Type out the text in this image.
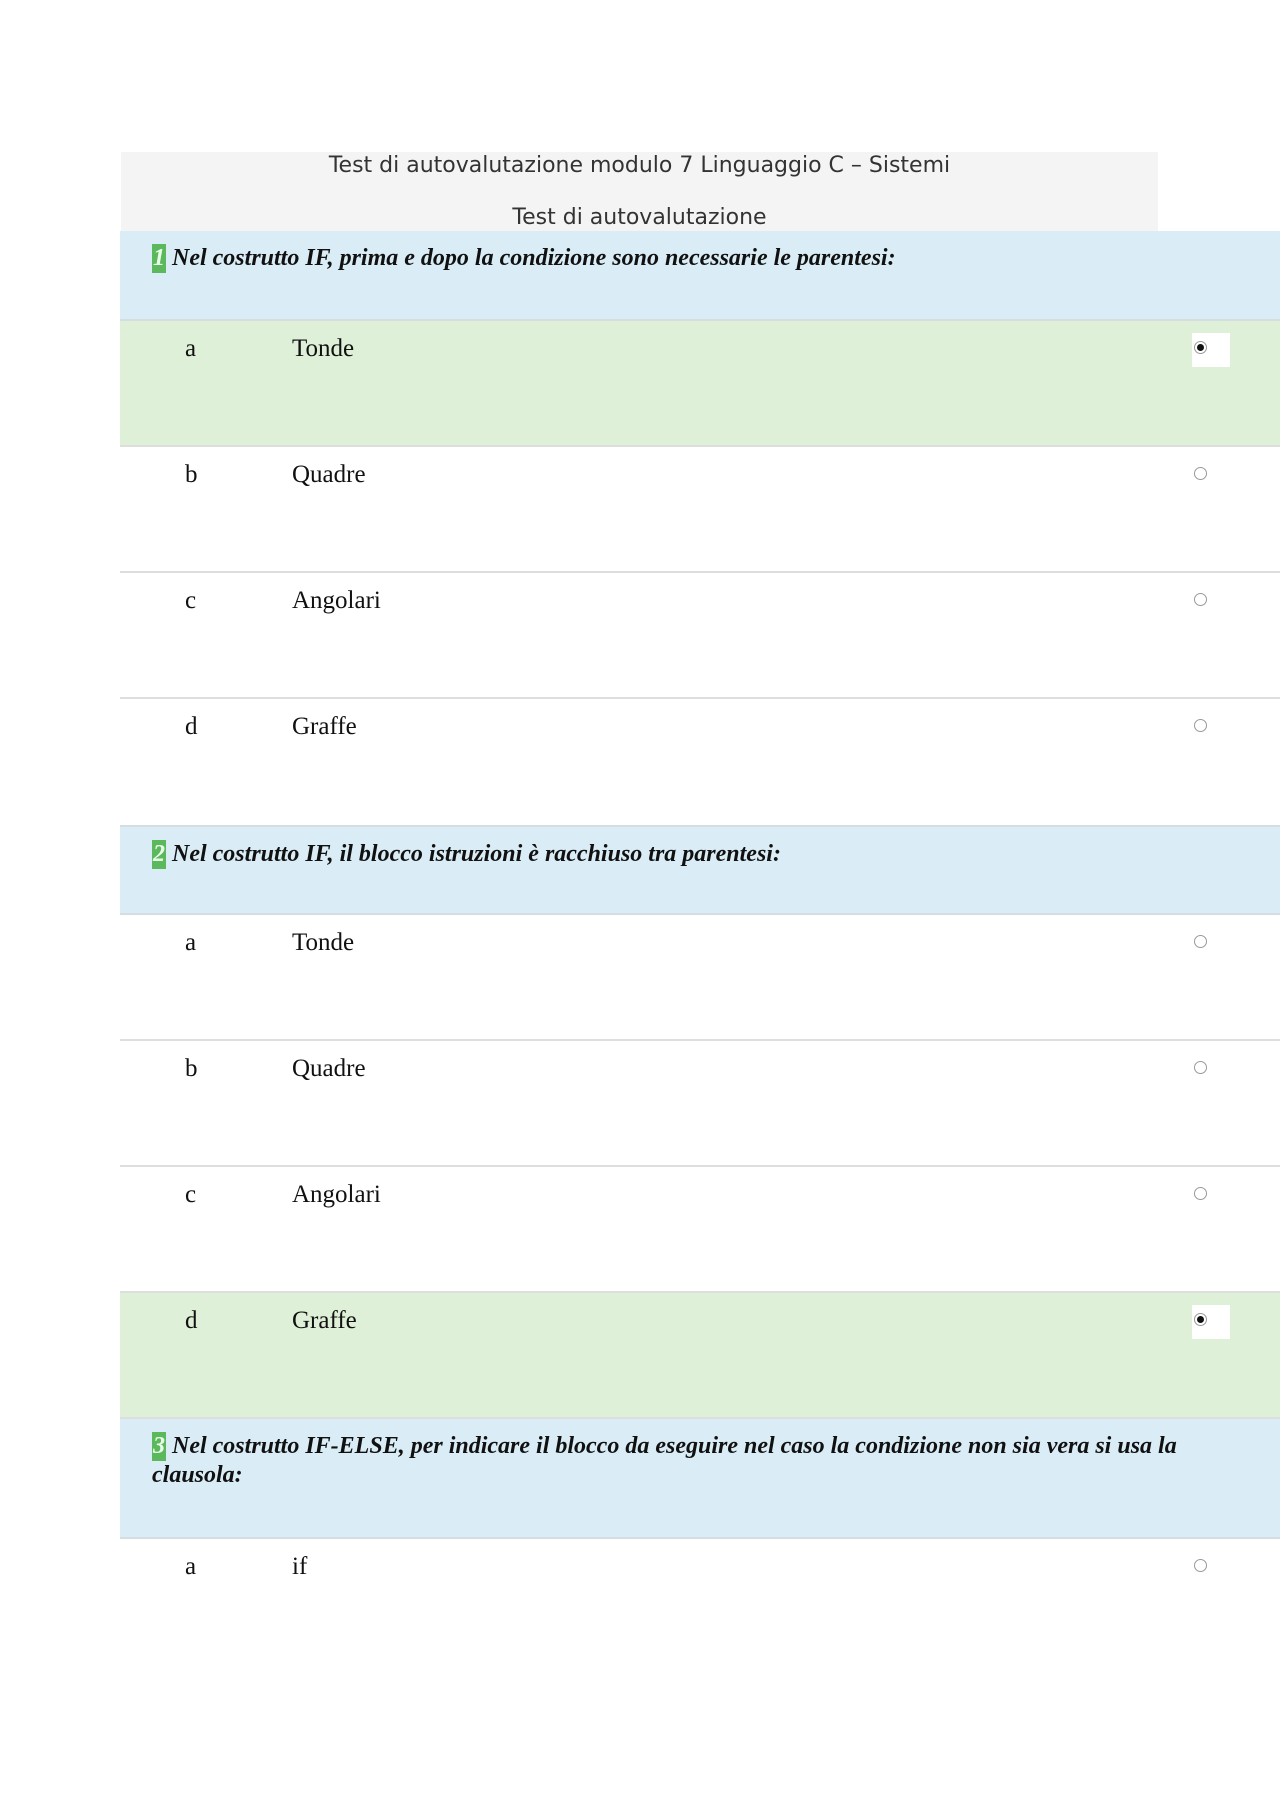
Test di autovalutazione modulo 7 Linguaggio C – Sistemi
Test di autovalutazione
1 Nel costrutto IF, prima e dopo la condizione sono necessarie le parentesi:
a	Tonde
b	Quadre
c	Angolari
d	Graffe
2 Nel costrutto IF, il blocco istruzioni è racchiuso tra parentesi:
a	Tonde
b	Quadre
c	Angolari
d	Graffe
3 Nel costrutto IF-ELSE, per indicare il blocco da eseguire nel caso la condizione non sia vera si usa la clausola:
a	if
